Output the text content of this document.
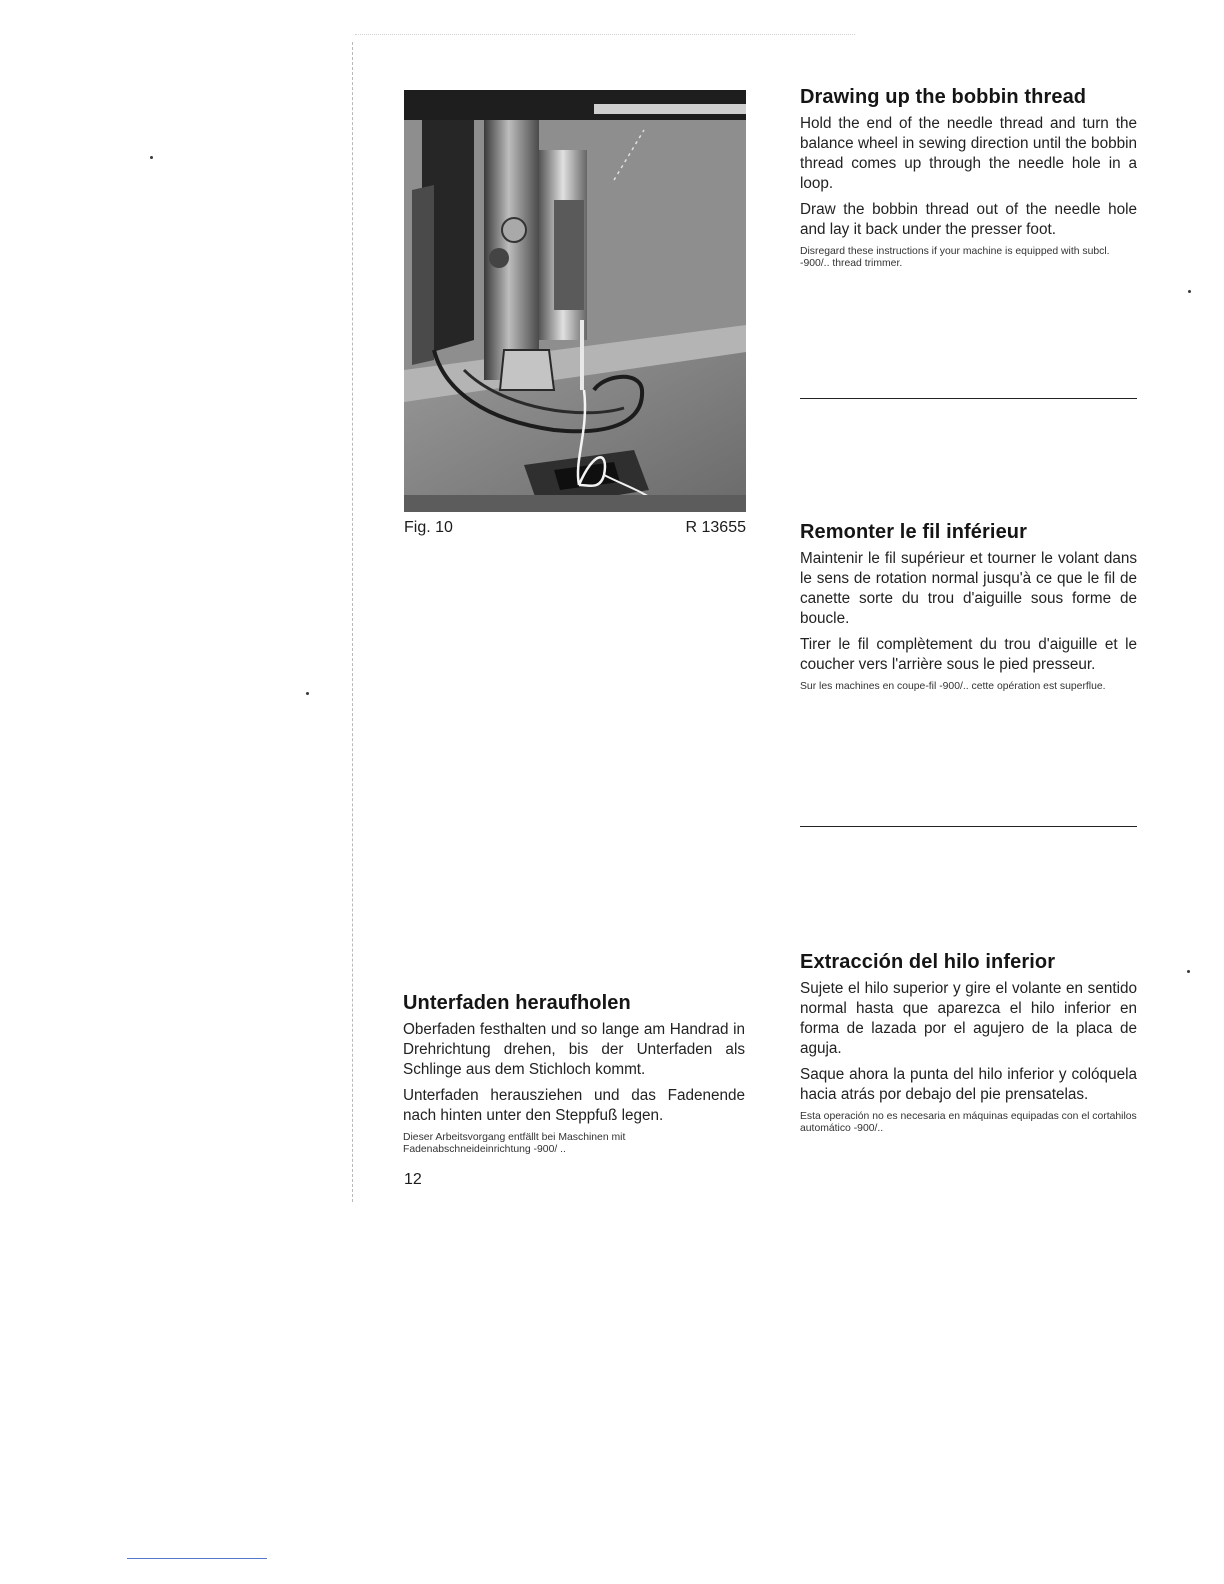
Fig. 10	R 13655
Drawing up the bobbin thread

Hold the end of the needle thread and turn the balance wheel in sewing direction until the bobbin thread comes up through the needle hole in a loop.

Draw the bobbin thread out of the needle hole and lay it back under the presser foot.

Disregard these instructions if your machine is equipped with subcl. -900/.. thread trimmer.

Remonter le fil inférieur

Maintenir le fil supérieur et tourner le volant dans le sens de rotation normal jusqu'à ce que le fil de canette sorte du trou d'aiguille sous forme de boucle.

Tirer le fil complètement du trou d'aiguille et le coucher vers l'arrière sous le pied presseur.

Sur les machines en coupe-fil -900/.. cette opération est superflue.

Extracción del hilo inferior

Sujete el hilo superior y gire el volante en sentido normal hasta que aparezca el hilo inferior en forma de lazada por el agujero de la placa de aguja.

Saque ahora la punta del hilo inferior y colóquela hacia atrás por debajo del pie prensatelas.

Esta operación no es necesaria en máquinas equipadas con el cortahilos automático -900/..

Unterfaden heraufholen

Oberfaden festhalten und so lange am Handrad in Drehrichtung drehen, bis der Unterfaden als Schlinge aus dem Stichloch kommt.

Unterfaden herausziehen und das Fadenende nach hinten unter den Steppfuß legen.

Dieser Arbeitsvorgang entfällt bei Maschinen mit Fadenabschneideinrichtung -900/ ..

12
